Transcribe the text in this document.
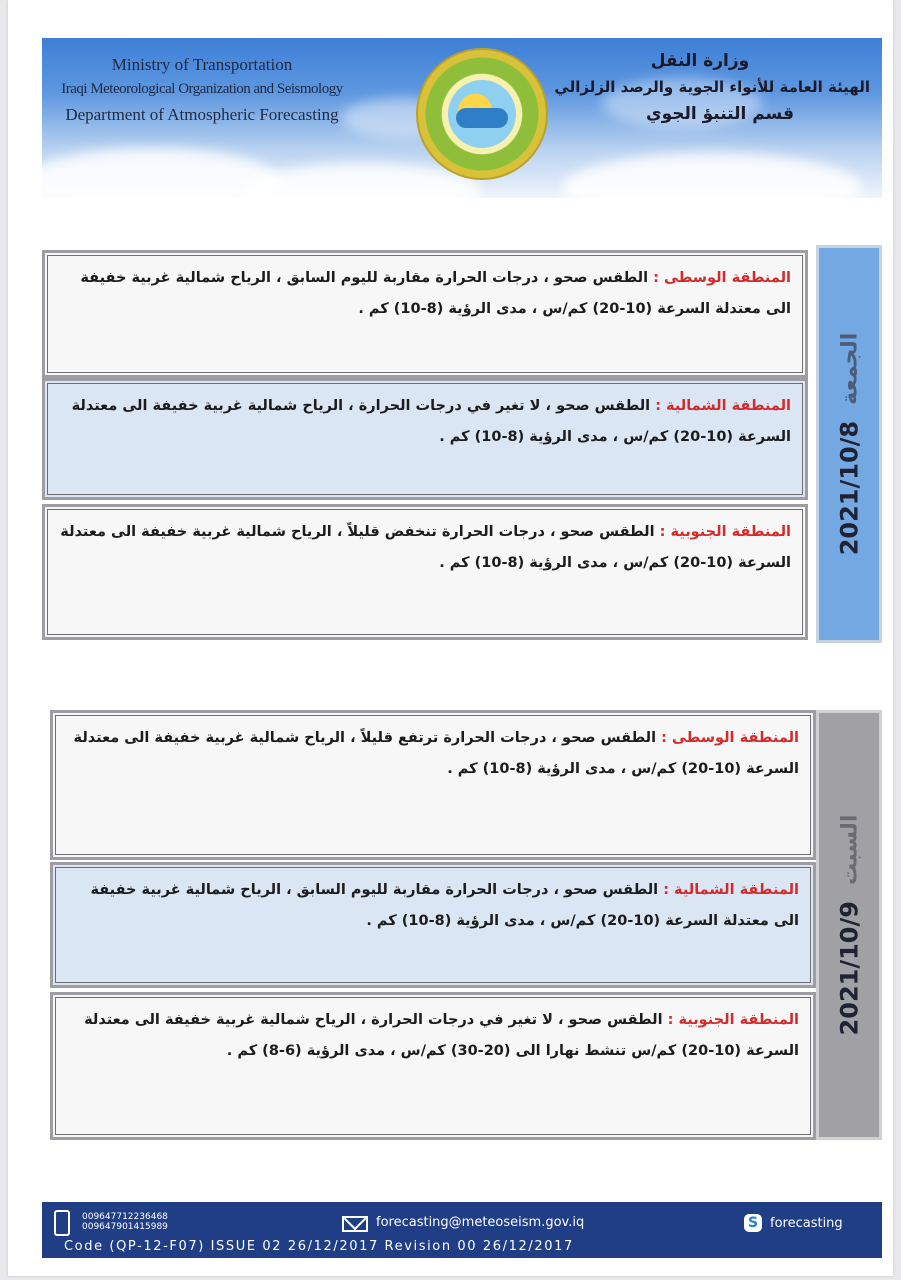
Ministry of Transportation
Iraqi Meteorological Organization and Seismology
Department of Atmospheric Forecasting
وزارة النقل
الهيئة العامة للأنواء الجوية والرصد الزلزالي
قسم التنبؤ الجوي
المنطقة الوسطى : الطقس صحو ، درجات الحرارة مقاربة لليوم السابق ، الرياح شمالية غربية خفيفة الى معتدلة السرعة (10-20) كم/س ، مدى الرؤية (8-10) كم .
المنطقة الشمالية : الطقس صحو ، لا تغير في درجات الحرارة ، الرياح شمالية غربية خفيفة الى معتدلة السرعة (10-20) كم/س ، مدى الرؤية (8-10) كم .
المنطقة الجنوبية : الطقس صحو ، درجات الحرارة تنخفض قليلاً ، الرياح شمالية غربية خفيفة الى معتدلة السرعة (10-20) كم/س ، مدى الرؤية (8-10) كم .
2021/10/8
الجمعة
المنطقة الوسطى : الطقس صحو ، درجات الحرارة ترتفع قليلاً ، الرياح شمالية غربية خفيفة الى معتدلة السرعة (10-20) كم/س ، مدى الرؤية (8-10) كم .
المنطقة الشمالية : الطقس صحو ، درجات الحرارة مقاربة لليوم السابق ، الرياح شمالية غربية خفيفة الى معتدلة السرعة (10-20) كم/س ، مدى الرؤية (8-10) كم .
المنطقة الجنوبية : الطقس صحو ، لا تغير في درجات الحرارة ، الرياح شمالية غربية خفيفة الى معتدلة السرعة (10-20) كم/س تنشط نهارا الى (20-30) كم/س ، مدى الرؤية (6-8) كم .
2021/10/9
السبت
009647712236468
009647901415989	forecasting@meteoseism.gov.iq	S forecasting
Code (QP-12-F07) ISSUE 02 26/12/2017 Revision 00 26/12/2017
